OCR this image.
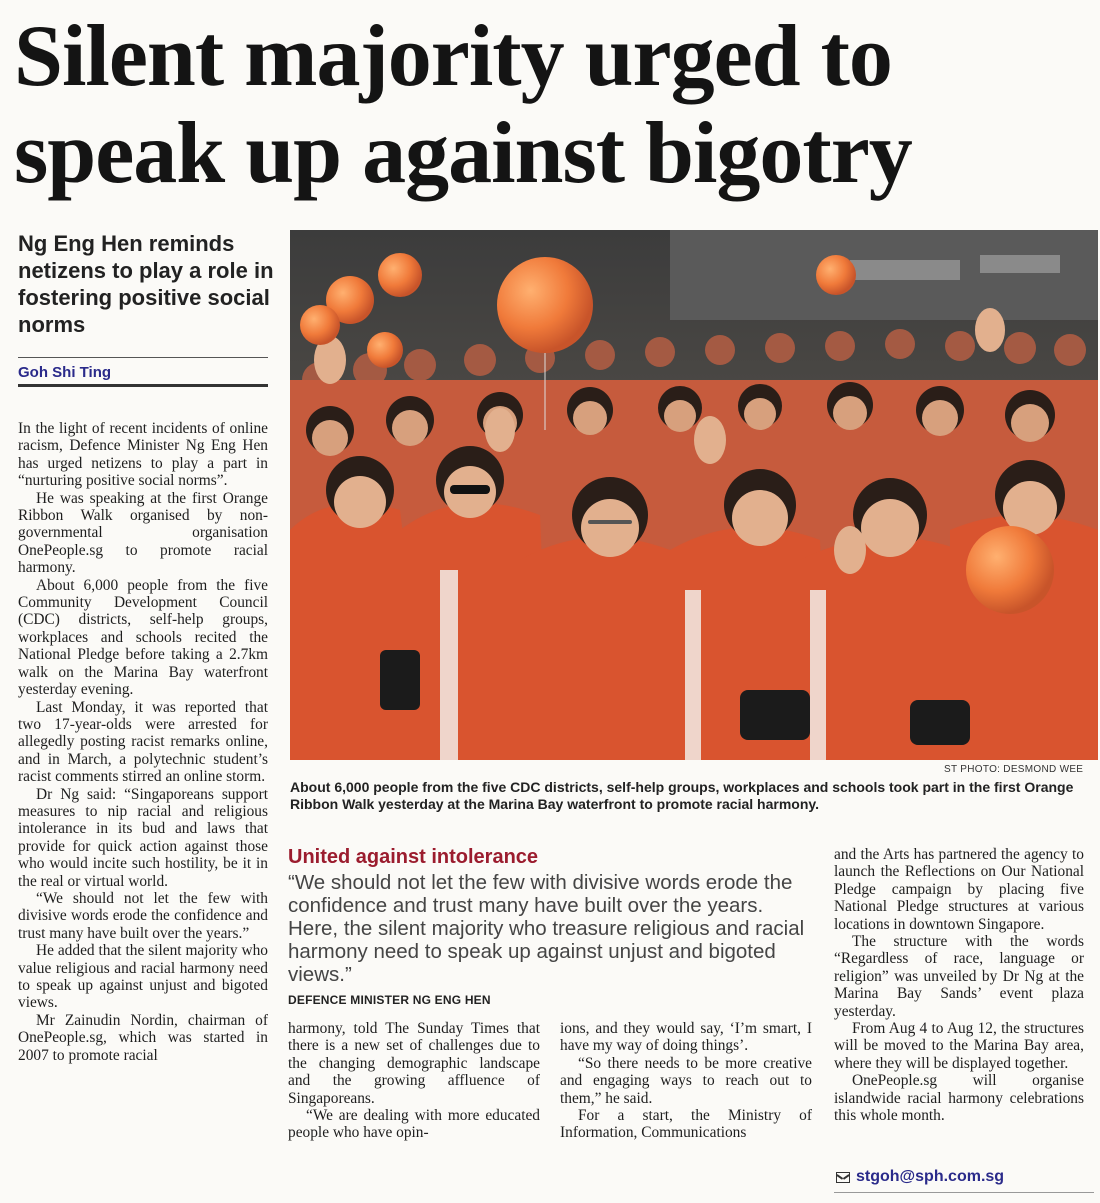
Silent majority urged to
speak up against bigotry
Ng Eng Hen reminds netizens to play a role in fostering positive social norms
Goh Shi Ting

In the light of recent incidents of online racism, Defence Minister Ng Eng Hen has urged netizens to play a part in “nurturing positive social norms”.

He was speaking at the first Orange Ribbon Walk organised by non-governmental organisation OnePeople.sg to promote racial harmony.

About 6,000 people from the five Community Development Council (CDC) districts, self-help groups, workplaces and schools recited the National Pledge before taking a 2.7km walk on the Marina Bay waterfront yesterday evening.

Last Monday, it was reported that two 17-year-olds were arrested for allegedly posting racist remarks online, and in March, a polytechnic student’s racist comments stirred an online storm.

Dr Ng said: “Singaporeans support measures to nip racial and religious intolerance in its bud and laws that provide for quick action against those who would incite such hostility, be it in the real or virtual world.

“We should not let the few with divisive words erode the confidence and trust many have built over the years.”

He added that the silent majority who value religious and racial harmony need to speak up against unjust and bigoted views.

Mr Zainudin Nordin, chairman of OnePeople.sg, which was started in 2007 to promote racial

ST PHOTO: DESMOND WEE
About 6,000 people from the five CDC districts, self-help groups, workplaces and schools took part in the first Orange Ribbon Walk yesterday at the Marina Bay waterfront to promote racial harmony.
United against intolerance
“We should not let the few with divisive words erode the confidence and trust many have built over the years. Here, the silent majority who treasure religious and racial harmony need to speak up against unjust and bigoted views.”
DEFENCE MINISTER NG ENG HEN

harmony, told The Sunday Times that there is a new set of challenges due to the changing demographic landscape and the growing affluence of Singaporeans.

“We are dealing with more educated people who have opin-

ions, and they would say, ‘I’m smart, I have my way of doing things’.

“So there needs to be more creative and engaging ways to reach out to them,” he said.

For a start, the Ministry of Information, Communications

and the Arts has partnered the agency to launch the Reflections on Our National Pledge campaign by placing five National Pledge structures at various locations in downtown Singapore.

The structure with the words “Regardless of race, language or religion” was unveiled by Dr Ng at the Marina Bay Sands’ event plaza yesterday.

From Aug 4 to Aug 12, the structures will be moved to the Marina Bay area, where they will be displayed together.

OnePeople.sg will organise islandwide racial harmony celebrations this whole month.

stgoh@sph.com.sg
